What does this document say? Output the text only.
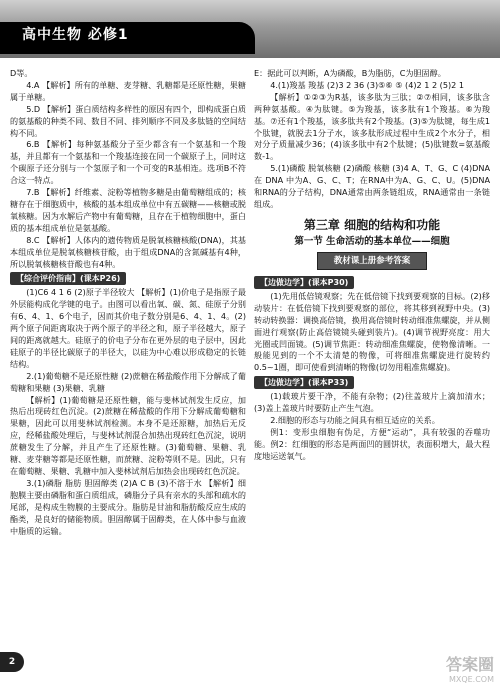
高中生物 必修1

D等。

4.A 【解析】所有的单糖、麦芽糖、乳糖都是还原性糖，果糖属于单糖。

5.D 【解析】蛋白质结构多样性的原因有四个，即构成蛋白质的氨基酸的种类不同、数目不同、排列顺序不同及多肽链的空间结构不同。

6.B 【解析】每种氨基酸分子至少都含有一个氨基和一个羧基，并且都有一个氨基和一个羧基连接在同一个碳原子上，同时这个碳原子还分别与一个氢原子和一个可变的R基相连。选项B不符合这一特点。

7.B 【解析】纤维素、淀粉等植物多糖是由葡萄糖组成的；核糖存在于细胞质中，核酸的基本组成单位中有五碳糖——核糖或脱氧核糖。因为水解后产物中有葡萄糖，且存在于植物细胞中，蛋白质的基本组成单位是氨基酸。

8.C 【解析】人体内的遗传物质是脱氧核糖核酸(DNA)，其基本组成单位是脱氧核糖核苷酸，由于组成DNA的含氮碱基有4种，所以脱氧核糖核苷酸也有4种。

【综合评价指南】(课本P26)

(1)C6 4 1 6 (2)原子半径较大 【解析】(1)价电子是指原子最外层能构成化学键的电子。由图可以看出氧、碳、氮、硅原子分别有6、4、1、6个电子，因而其价电子数分别是6、4、1、4。(2)两个原子间距离取决于两个原子的半径之和，原子半径越大，原子间的距离就越大。硅原子的价电子分布在更外层的电子层中，因此硅原子的半径比碳原子的半径大，以硅为中心难以形成稳定的长链结构。

2.(1)葡萄糖不是还原性糖 (2)蔗糖在稀盐酸作用下分解成了葡萄糖和果糖 (3)果糖、乳糖

【解析】(1)葡萄糖是还原性糖，能与斐林试剂发生反应，加热后出现砖红色沉淀。(2)蔗糖在稀盐酸的作用下分解成葡萄糖和果糖，因此可以用斐林试剂检测。本身不是还原糖，加热后无反应，经稀盐酸处理后，与斐林试剂混合加热出现砖红色沉淀，说明蔗糖发生了分解，并且产生了还原性糖。(3)葡萄糖、果糖、乳糖、麦芽糖等都是还原性糖，而蔗糖、淀粉等则不是。因此，只有在葡萄糖、果糖、乳糖中加入斐林试剂后加热会出现砖红色沉淀。

3.(1)磷脂 脂肪 胆固醇类 (2)A C B (3)不溶于水 【解析】细胞膜主要由磷脂和蛋白质组成，磷脂分子具有亲水的头部和疏水的尾部，是构成生物膜的主要成分。脂肪是甘油和脂肪酸反应生成的酯类，是良好的储能物质。胆固醇属于固醇类，在人体中参与血液中脂质的运输。

E：据此可以判断，A为磷酸，B为脂肪，C为胆固醇。

4.(1)羧基 羧基 (2)3 2 36 (3)⑤⑥ ⑤ (4)2 1 2 (5)2 1

【解析】①②③为R基，该多肽为三肽；②⑦相同，该多肽含两种氨基酸。④为肽键。⑤为羧基，该多肽有1个羧基。⑥为羧基。⑦还有1个羧基，该多肽共有2个羧基。(3)⑤为肽键，每生成1个肽键，就脱去1分子水，该多肽形成过程中生成2个水分子，相对分子质量减少36；(4)该多肽中有2个肽键；(5)肽键数=氨基酸数-1。

5.(1)磷酸 脱氧核糖 (2)磷酸 核糖 (3)4 A、T、G、C (4)DNA 在 DNA 中为A、G、C、T；在RNA中为A、G、C、U。(5)DNA和RNA的分子结构，DNA通常由两条链组成，RNA通常由一条链组成。

第三章 细胞的结构和功能
第一节 生命活动的基本单位——细胞
教材课上册参考答案

【边做边学】(课本P30)

(1)先用低倍镜观察；先在低倍镜下找到要观察的目标。(2)移动装片：在低倍镜下找到要观察的部位，将其移到视野中央。(3)转动转换器：调换高倍镜，换用高倍镜时转动细准焦螺旋，并从侧面进行观察(防止高倍镜镜头碰到装片)。(4)调节视野亮度：用大光圈或凹面镜。(5)调节焦距：转动细准焦螺旋，使物像清晰。一般能见到的一个不太清楚的物像，可将细准焦螺旋进行旋转约0.5~1圈，即可使看到清晰的物像(切勿用粗准焦螺旋)。

【边做边学】(课本P33)

(1)载玻片要干净，不能有杂物；(2)往盖玻片上滴加清水；(3)盖上盖玻片时要防止产生气泡。

2.细胞的形态与功能之间具有相互适应的关系。

例1：变形虫细胞有伪足，方便“运动”，具有较强的吞噬功能。例2：红细胞的形态是两面凹的圆饼状，表面积增大，最大程度地运送氧气。

2	答案圈
MXQE.COM
